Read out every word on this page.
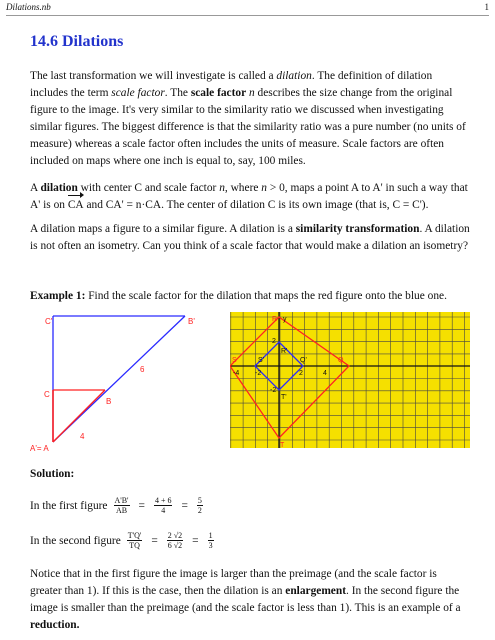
Dilations.nb	1
14.6 Dilations

The last transformation we will investigate is called a dilation. The definition of dilation includes the term scale factor. The scale factor n describes the size change from the original figure to the image. It's very similar to the similarity ratio we discussed when investigating similar figures. The biggest difference is that the similarity ratio was a pure number (no units of measure) whereas a scale factor often includes the units of measure. Scale factors are often included on maps where one inch is equal to, say, 100 miles.

A dilation with center C and scale factor n, where n > 0, maps a point A to A' in such a way that A' is on CA and CA' = n·CA. The center of dilation C is its own image (that is, C = C').

A dilation maps a figure to a similar figure. A dilation is a similarity transformation. A dilation is not often an isometry. Can you think of a scale factor that would make a dilation an isometry?

Example 1: Find the scale factor for the dilation that maps the red figure onto the blue one.

C'	B'
C
B
6
4
A'= A
R y
R'
S	S'	Q'	Q
-4 -2	2	4
2
-2
T'
T

Solution:

In the first figure $\frac{A'B'}{AB} = \frac{4 + 6}{4} = \frac{5}{2}$
In the second figure $\frac{T'Q'}{TQ} = \frac{2 √2}{6 √2} = \frac{1}{3}$

Notice that in the first figure the image is larger than the preimage (and the scale factor is greater than 1). If this is the case, then the dilation is an enlargement. In the second figure the image is smaller than the preimage (and the scale factor is less than 1). This is an example of a reduction.
